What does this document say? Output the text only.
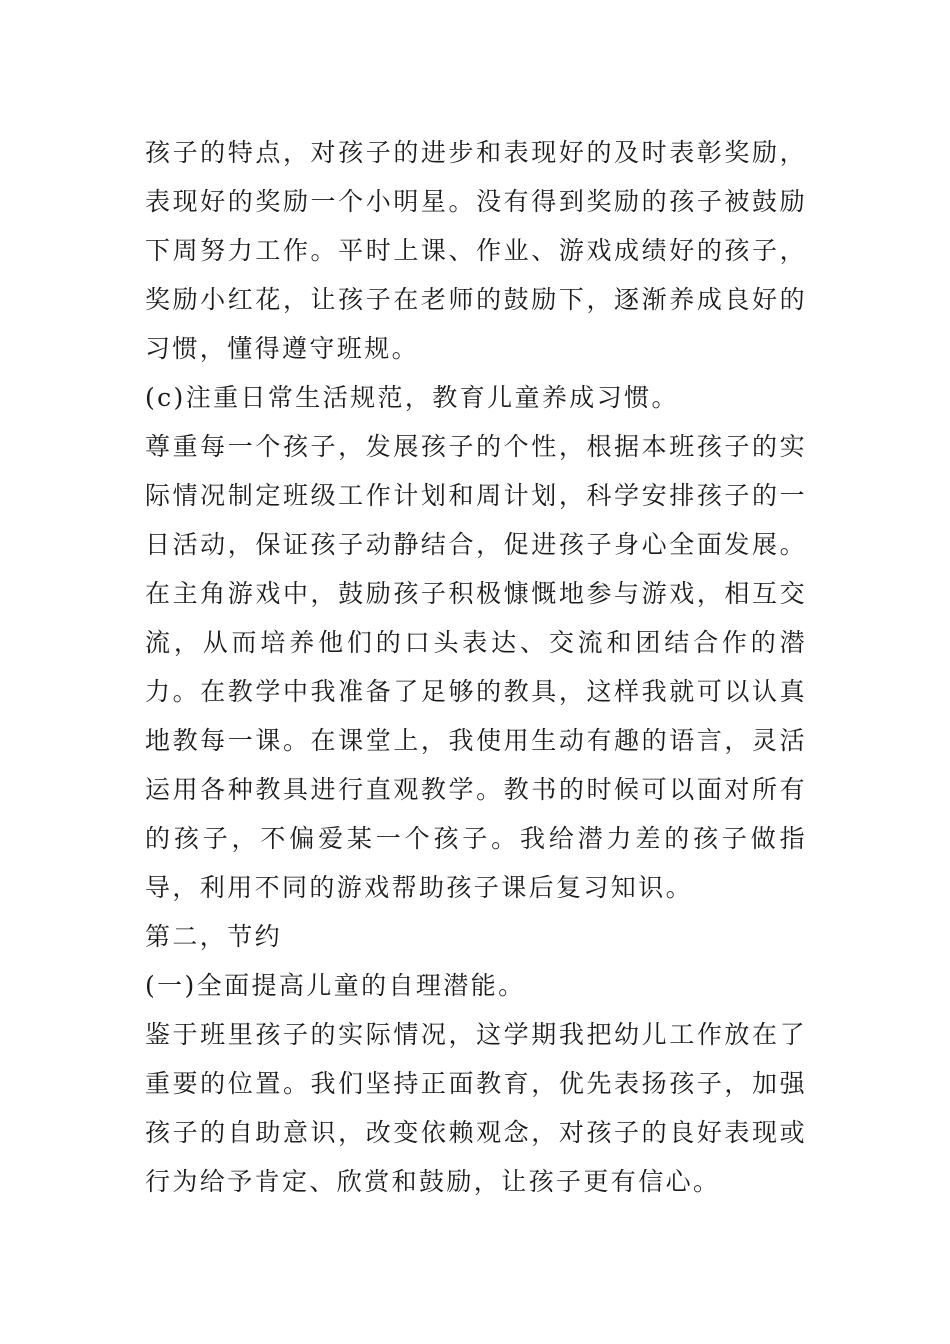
孩子的特点，对孩子的进步和表现好的及时表彰奖励，表现好的奖励一个小明星。没有得到奖励的孩子被鼓励下周努力工作。平时上课、作业、游戏成绩好的孩子，奖励小红花，让孩子在老师的鼓励下，逐渐养成良好的习惯，懂得遵守班规。

(c)注重日常生活规范，教育儿童养成习惯。

尊重每一个孩子，发展孩子的个性，根据本班孩子的实际情况制定班级工作计划和周计划，科学安排孩子的一日活动，保证孩子动静结合，促进孩子身心全面发展。在主角游戏中，鼓励孩子积极慷慨地参与游戏，相互交流，从而培养他们的口头表达、交流和团结合作的潜力。在教学中我准备了足够的教具，这样我就可以认真地教每一课。在课堂上，我使用生动有趣的语言，灵活运用各种教具进行直观教学。教书的时候可以面对所有的孩子，不偏爱某一个孩子。我给潜力差的孩子做指导，利用不同的游戏帮助孩子课后复习知识。

第二，节约

(一)全面提高儿童的自理潜能。

鉴于班里孩子的实际情况，这学期我把幼儿工作放在了重要的位置。我们坚持正面教育，优先表扬孩子，加强孩子的自助意识，改变依赖观念，对孩子的良好表现或行为给予肯定、欣赏和鼓励，让孩子更有信心。
